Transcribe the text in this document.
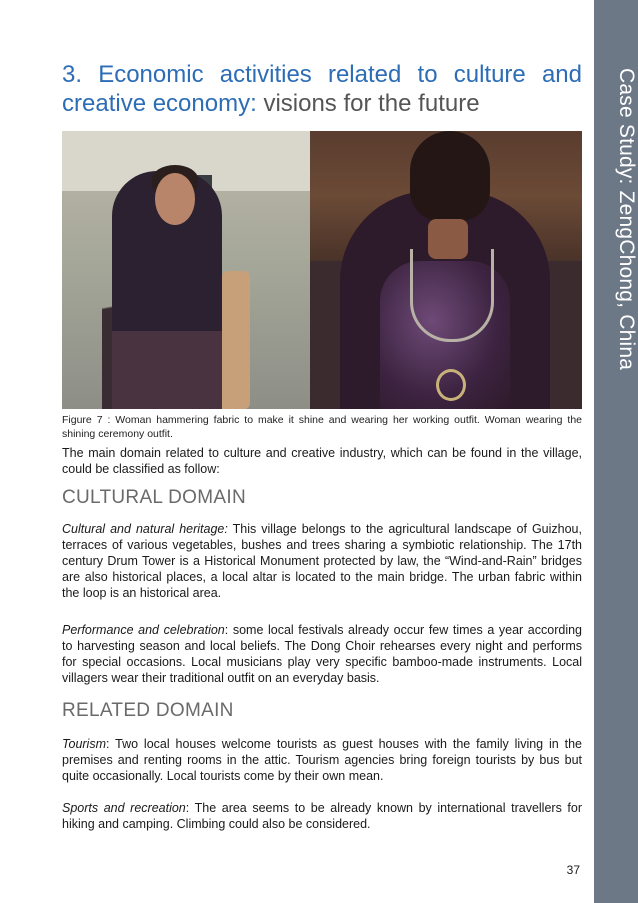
Case Study: ZengChong, China
3. Economic activities related to culture and creative economy: visions for the future
Figure 7 : Woman hammering fabric to make it shine and wearing her working outfit. Woman wearing the shining ceremony outfit.
The main domain related to culture and creative industry, which can be found in the village, could be classified as follow:
CULTURAL DOMAIN
Cultural and natural heritage: This village belongs to the agricultural landscape of Guizhou, terraces of various vegetables, bushes and trees sharing a symbiotic relationship. The 17th century Drum Tower is a Historical Monument protected by law, the “Wind-and-Rain” bridges are also historical places, a local altar is located to the main bridge. The urban fabric within the loop is an historical area.
Performance and celebration: some local festivals already occur few times a year according to harvesting season and local beliefs. The Dong Choir rehearses every night and performs for special occasions. Local musicians play very specific bamboo-made instruments. Local villagers wear their traditional outfit on an everyday basis.
RELATED DOMAIN
Tourism: Two local houses welcome tourists as guest houses with the family living in the premises and renting rooms in the attic. Tourism agencies bring foreign tourists by bus but quite occasionally. Local tourists come by their own mean.
Sports and recreation: The area seems to be already known by international travellers for hiking and camping. Climbing could also be considered.
37
